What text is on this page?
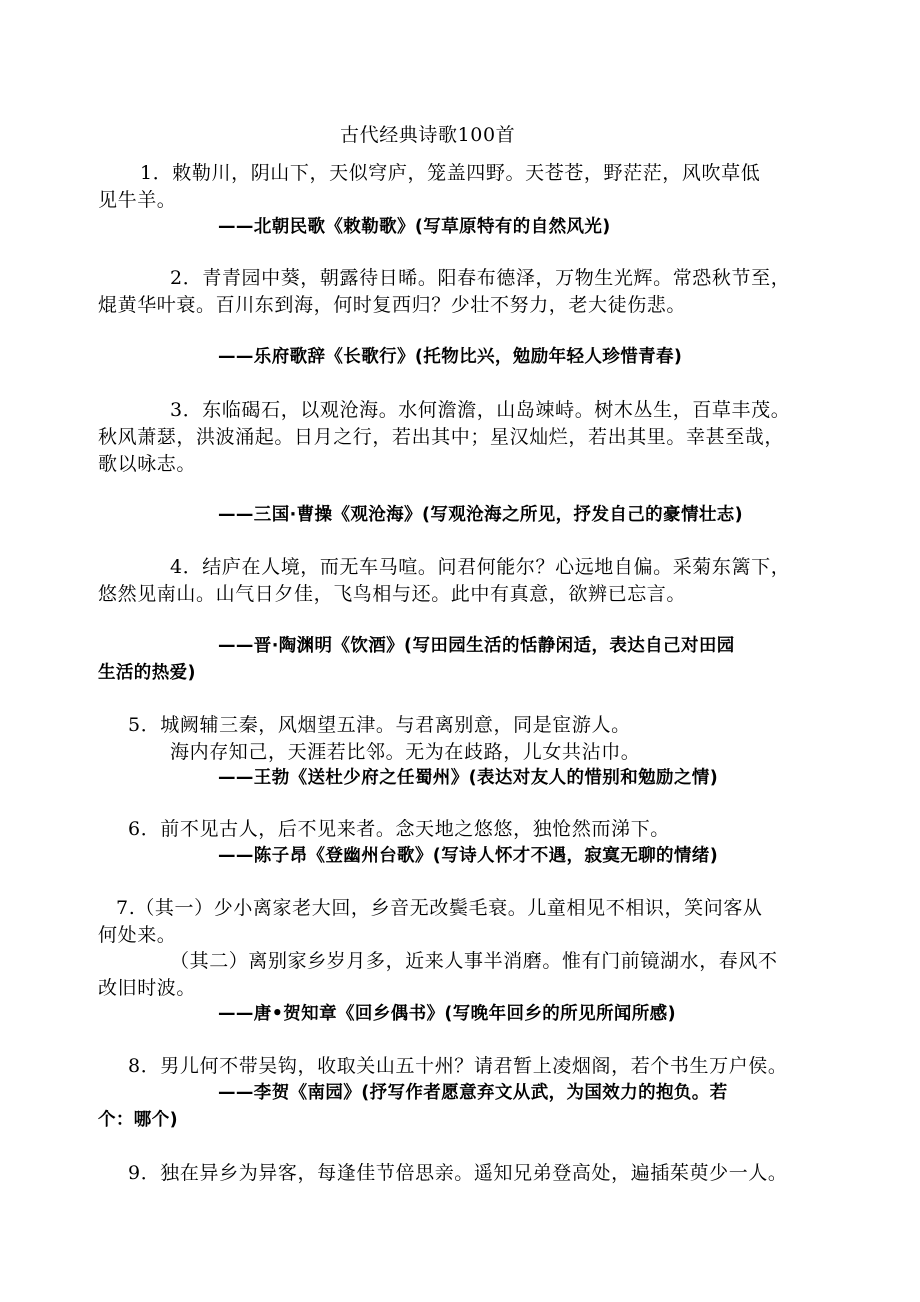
古代经典诗歌100首
1．敕勒川，阴山下，天似穹庐，笼盖四野。天苍苍，野茫茫，风吹草低
见牛羊。
——北朝民歌《敕勒歌》(写草原特有的自然风光)
2．青青园中葵，朝露待日晞。阳春布德泽，万物生光辉。常恐秋节至，
焜黄华叶衰。百川东到海，何时复西归？少壮不努力，老大徒伤悲。
——乐府歌辞《长歌行》(托物比兴，勉励年轻人珍惜青春)
3．东临碣石，以观沧海。水何澹澹，山岛竦峙。树木丛生，百草丰茂。
秋风萧瑟，洪波涌起。日月之行，若出其中；星汉灿烂，若出其里。幸甚至哉，
歌以咏志。
——三国·曹操《观沧海》(写观沧海之所见，抒发自己的豪情壮志)
4．结庐在人境，而无车马喧。问君何能尔？心远地自偏。采菊东篱下，
悠然见南山。山气日夕佳，飞鸟相与还。此中有真意，欲辨已忘言。
——晋·陶渊明《饮酒》(写田园生活的恬静闲适，表达自己对田园
生活的热爱)
5．城阙辅三秦，风烟望五津。与君离别意，同是宦游人。
海内存知己，天涯若比邻。无为在歧路，儿女共沾巾。
——王勃《送杜少府之任蜀州》(表达对友人的惜别和勉励之情)
6．前不见古人，后不见来者。念天地之悠悠，独怆然而涕下。
——陈子昂《登幽州台歌》(写诗人怀才不遇，寂寞无聊的情绪)
7.（其一）少小离家老大回，乡音无改鬓毛衰。儿童相见不相识，笑问客从
何处来。
（其二）离别家乡岁月多，近来人事半消磨。惟有门前镜湖水，春风不
改旧时波。
——唐•贺知章《回乡偶书》(写晚年回乡的所见所闻所感)
8．男儿何不带吴钩，收取关山五十州？请君暂上凌烟阁，若个书生万户侯。
——李贺《南园》(抒写作者愿意弃文从武，为国效力的抱负。若
个：哪个)
9．独在异乡为异客，每逢佳节倍思亲。遥知兄弟登高处，遍插茱萸少一人。
